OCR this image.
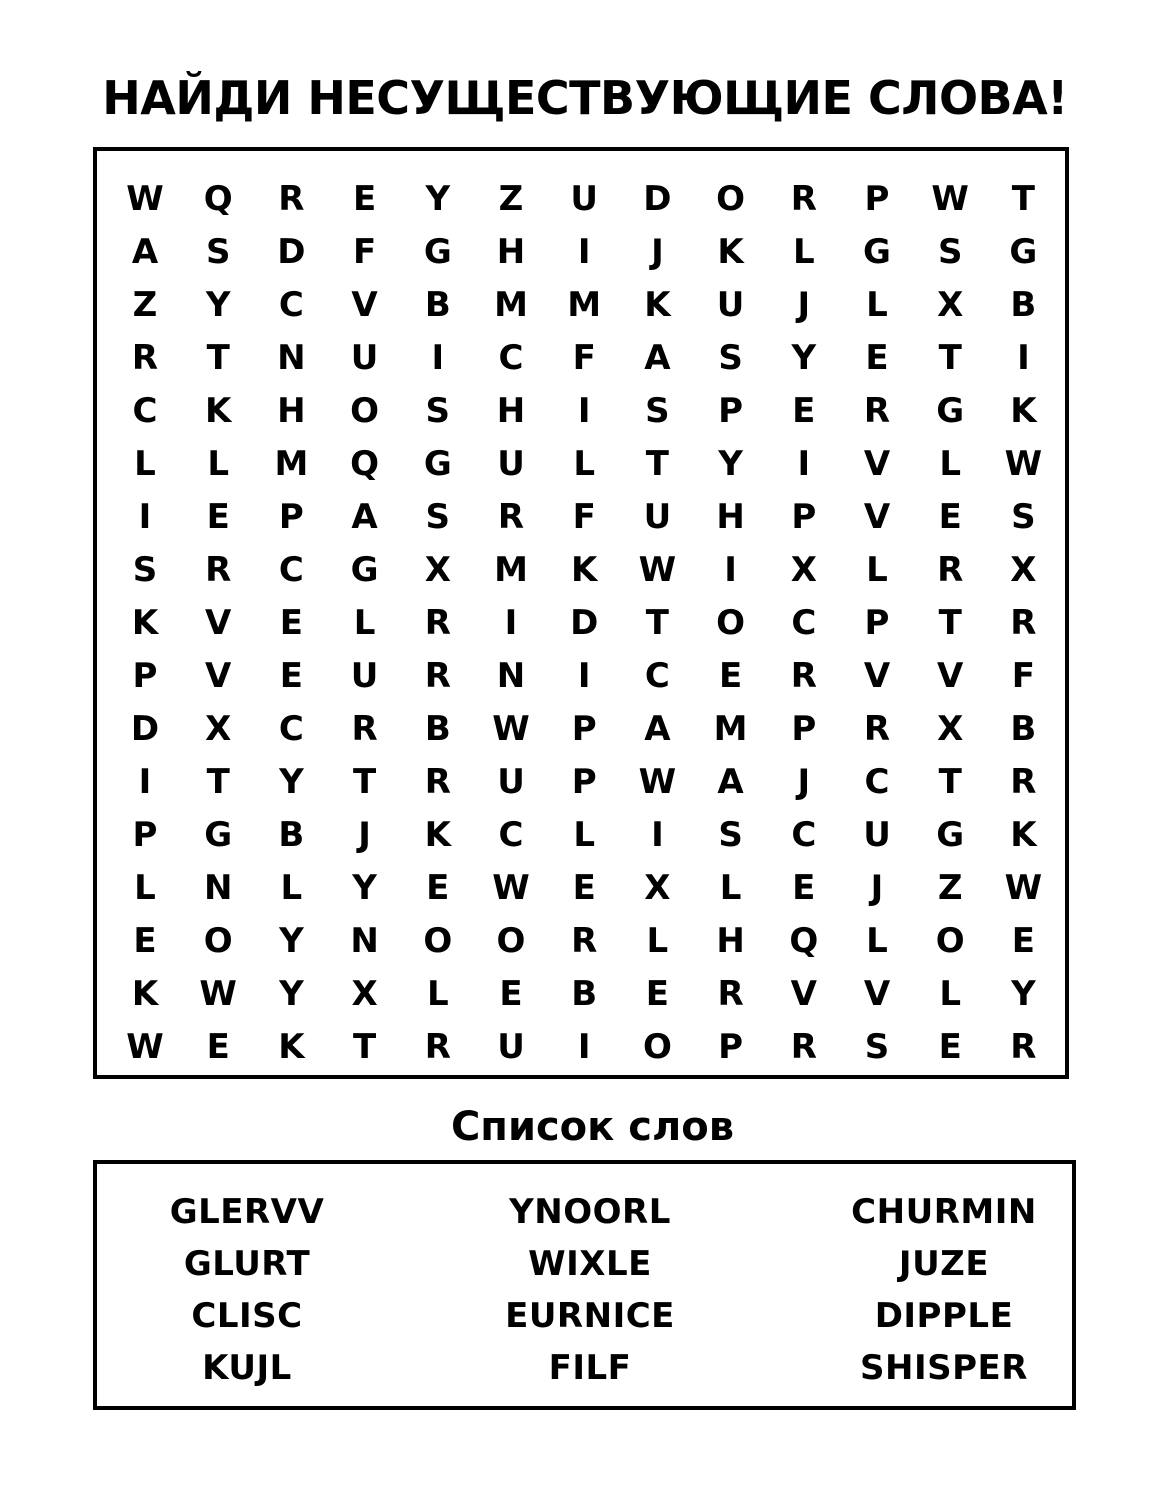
НАЙДИ НЕСУЩЕСТВУЮЩИЕ СЛОВА!
W	Q	R	E	Y	Z	U	D	O	R	P	W	T
A	S	D	F	G	H	I	J	K	L	G	S	G
Z	Y	C	V	B	M	M	K	U	J	L	X	B
R	T	N	U	I	C	F	A	S	Y	E	T	I
C	K	H	O	S	H	I	S	P	E	R	G	K
L	L	M	Q	G	U	L	T	Y	I	V	L	W
I	E	P	A	S	R	F	U	H	P	V	E	S
S	R	C	G	X	M	K	W	I	X	L	R	X
K	V	E	L	R	I	D	T	O	C	P	T	R
P	V	E	U	R	N	I	C	E	R	V	V	F
D	X	C	R	B	W	P	A	M	P	R	X	B
I	T	Y	T	R	U	P	W	A	J	C	T	R
P	G	B	J	K	C	L	I	S	C	U	G	K
L	N	L	Y	E	W	E	X	L	E	J	Z	W
E	O	Y	N	O	O	R	L	H	Q	L	O	E
K	W	Y	X	L	E	B	E	R	V	V	L	Y
W	E	K	T	R	U	I	O	P	R	S	E	R
Список слов
GLERVV
GLURT
CLISC
KUJL
YNOORL
WIXLE
EURNICE
FILF
CHURMIN
JUZE
DIPPLE
SHISPER
